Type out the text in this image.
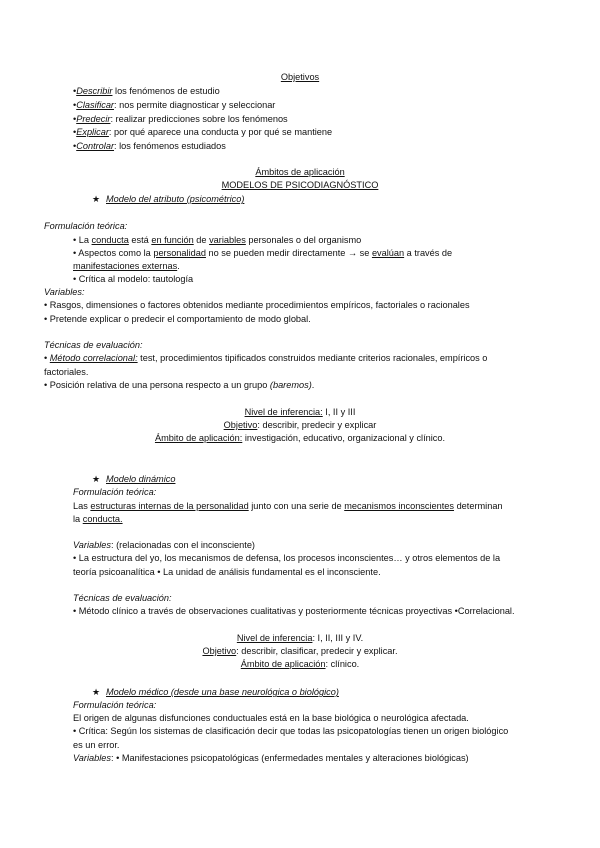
Objetivos
•Describir los fenómenos de estudio
•Clasificar: nos permite diagnosticar y seleccionar
•Predecir: realizar predicciones sobre los fenómenos
•Explicar: por qué aparece una conducta y por qué se mantiene
•Controlar: los fenómenos estudiados
Ámbitos de aplicación
MODELOS DE PSICODIAGNÓSTICO
★ Modelo del atributo (psicométrico)
Formulación teórica:
• La conducta está en función de variables personales o del organismo
• Aspectos como la personalidad no se pueden medir directamente → se evalúan a través de
manifestaciones externas.
• Crítica al modelo: tautología
Variables:
• Rasgos, dimensiones o factores obtenidos mediante procedimientos empíricos, factoriales o racionales
• Pretende explicar o predecir el comportamiento de modo global.
Técnicas de evaluación:
• Método correlacional: test, procedimientos tipificados construidos mediante criterios racionales, empíricos o
factoriales.
• Posición relativa de una persona respecto a un grupo (baremos).
Nivel de inferencia: I, II y III
Objetivo: describir, predecir y explicar
Ámbito de aplicación: investigación, educativo, organizacional y clínico.
★ Modelo dinámico
Formulación teórica:
Las estructuras internas de la personalidad junto con una serie de mecanismos inconscientes determinan
la conducta.
Variables: (relacionadas con el inconsciente)
• La estructura del yo, los mecanismos de defensa, los procesos inconscientes… y otros elementos de la
teoría psicoanalítica • La unidad de análisis fundamental es el inconsciente.
Técnicas de evaluación:
• Método clínico a través de observaciones cualitativas y posteriormente técnicas proyectivas •Correlacional.
Nivel de inferencia: I, II, III y IV.
Objetivo: describir, clasificar, predecir y explicar.
Ámbito de aplicación: clínico.
★ Modelo médico (desde una base neurológica o biológico)
Formulación teórica:
El origen de algunas disfunciones conductuales está en la base biológica o neurológica afectada.
• Crítica: Según los sistemas de clasificación decir que todas las psicopatologías tienen un origen biológico
es un error.
Variables: • Manifestaciones psicopatológicas (enfermedades mentales y alteraciones biológicas)
